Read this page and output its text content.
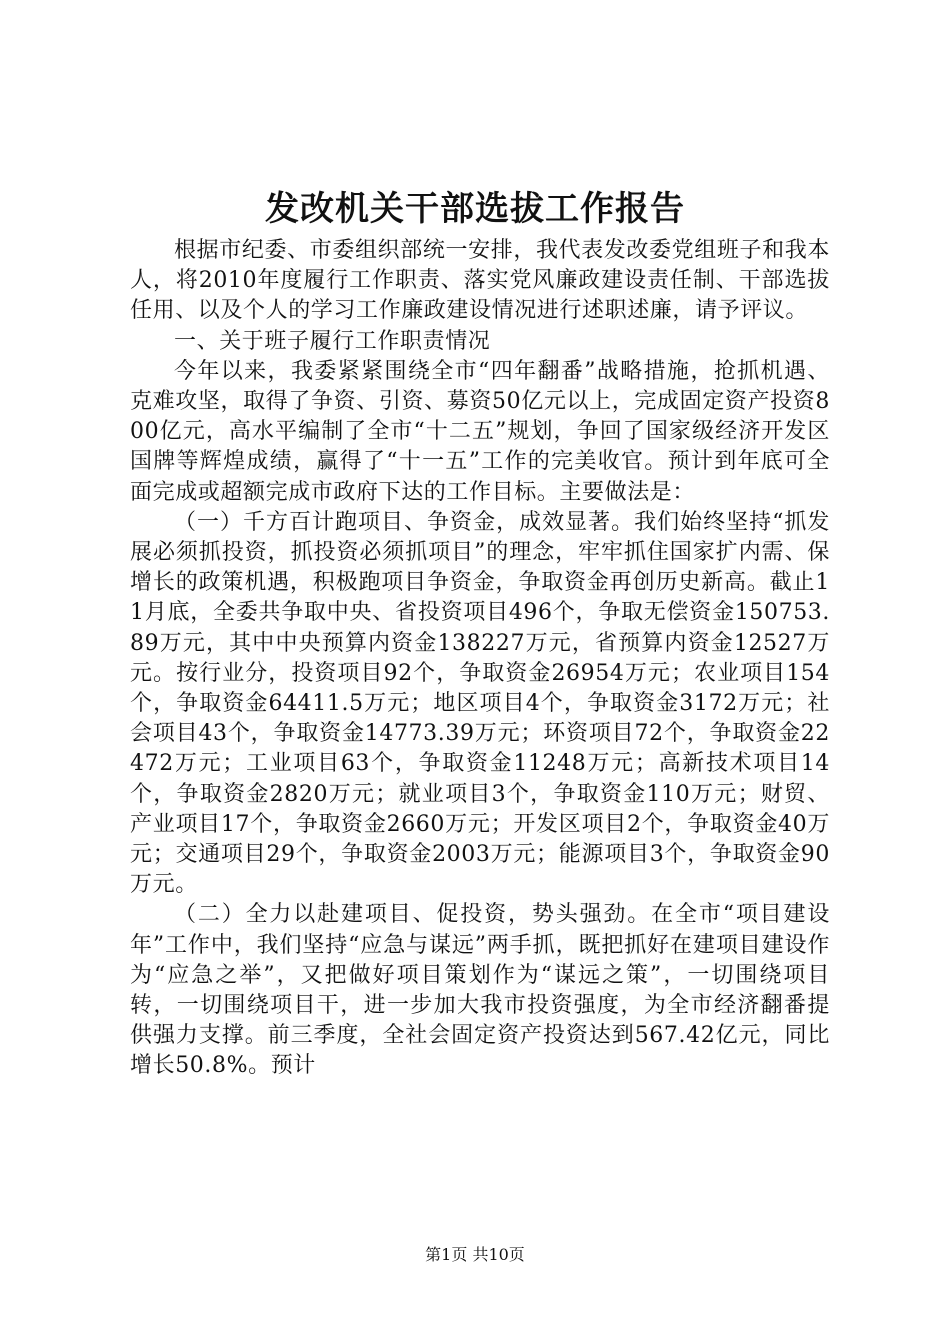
发改机关干部选拔工作报告

根据市纪委、市委组织部统一安排，我代表发改委党组班子和我本人，将2010年度履行工作职责、落实党风廉政建设责任制、干部选拔任用、以及个人的学习工作廉政建设情况进行述职述廉，请予评议。

一、关于班子履行工作职责情况

今年以来，我委紧紧围绕全市“四年翻番”战略措施，抢抓机遇、克难攻坚，取得了争资、引资、募资50亿元以上，完成固定资产投资800亿元，高水平编制了全市“十二五”规划，争回了国家级经济开发区国牌等辉煌成绩，赢得了“十一五”工作的完美收官。预计到年底可全面完成或超额完成市政府下达的工作目标。主要做法是：

（一）千方百计跑项目、争资金，成效显著。我们始终坚持“抓发展必须抓投资，抓投资必须抓项目”的理念，牢牢抓住国家扩内需、保增长的政策机遇，积极跑项目争资金，争取资金再创历史新高。截止11月底，全委共争取中央、省投资项目496个，争取无偿资金150753.89万元，其中中央预算内资金138227万元，省预算内资金12527万元。按行业分，投资项目92个，争取资金26954万元；农业项目154个，争取资金64411.5万元；地区项目4个，争取资金3172万元；社会项目43个，争取资金14773.39万元；环资项目72个，争取资金22472万元；工业项目63个，争取资金11248万元；高新技术项目14个，争取资金2820万元；就业项目3个，争取资金110万元；财贸、产业项目17个，争取资金2660万元；开发区项目2个，争取资金40万元；交通项目29个，争取资金2003万元；能源项目3个，争取资金90万元。

（二）全力以赴建项目、促投资，势头强劲。在全市“项目建设年”工作中，我们坚持“应急与谋远”两手抓，既把抓好在建项目建设作为“应急之举”，又把做好项目策划作为“谋远之策”，一切围绕项目转，一切围绕项目干，进一步加大我市投资强度，为全市经济翻番提供强力支撑。前三季度，全社会固定资产投资达到567.42亿元，同比增长50.8%。预计

第1页 共10页
